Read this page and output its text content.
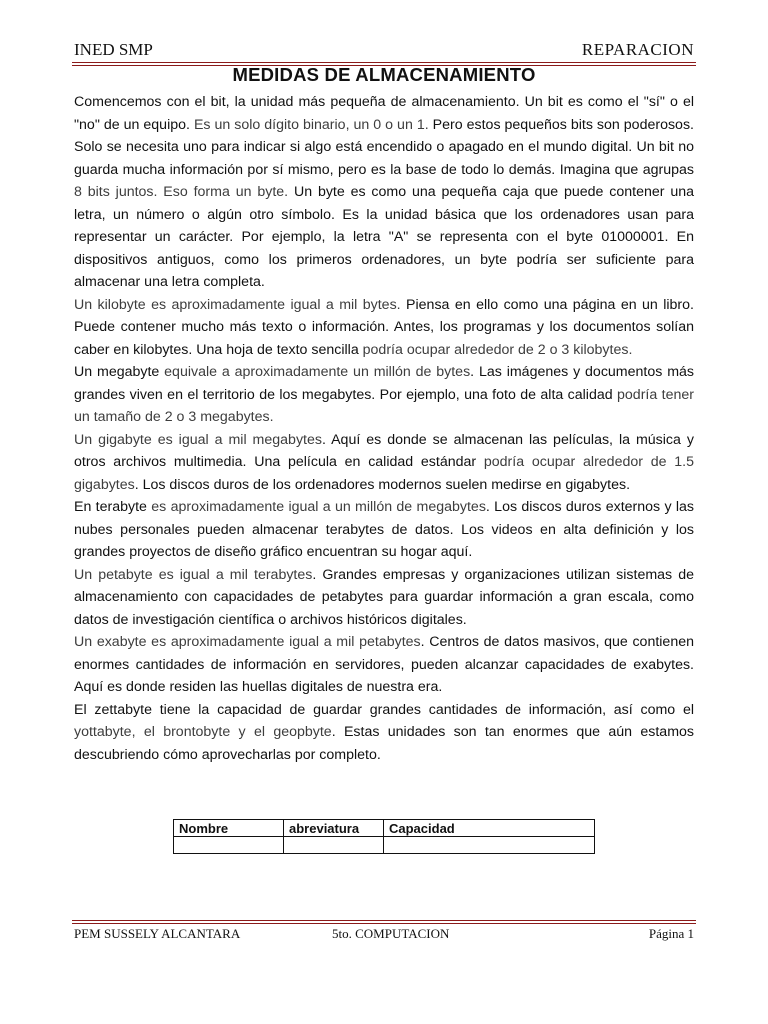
INED SMP	REPARACION
MEDIDAS DE ALMACENAMIENTO

Comencemos con el bit, la unidad más pequeña de almacenamiento. Un bit es como el "sí" o el "no" de un equipo. Es un solo dígito binario, un 0 o un 1. Pero estos pequeños bits son poderosos. Solo se necesita uno para indicar si algo está encendido o apagado en el mundo digital. Un bit no guarda mucha información por sí mismo, pero es la base de todo lo demás. Imagina que agrupas 8 bits juntos. Eso forma un byte. Un byte es como una pequeña caja que puede contener una letra, un número o algún otro símbolo. Es la unidad básica que los ordenadores usan para representar un carácter. Por ejemplo, la letra "A" se representa con el byte 01000001. En dispositivos antiguos, como los primeros ordenadores, un byte podría ser suficiente para almacenar una letra completa.

Un kilobyte es aproximadamente igual a mil bytes. Piensa en ello como una página en un libro. Puede contener mucho más texto o información. Antes, los programas y los documentos solían caber en kilobytes. Una hoja de texto sencilla podría ocupar alrededor de 2 o 3 kilobytes.

Un megabyte equivale a aproximadamente un millón de bytes. Las imágenes y documentos más grandes viven en el territorio de los megabytes. Por ejemplo, una foto de alta calidad podría tener un tamaño de 2 o 3 megabytes.

Un gigabyte es igual a mil megabytes. Aquí es donde se almacenan las películas, la música y otros archivos multimedia. Una película en calidad estándar podría ocupar alrededor de 1.5 gigabytes. Los discos duros de los ordenadores modernos suelen medirse en gigabytes.

En terabyte es aproximadamente igual a un millón de megabytes. Los discos duros externos y las nubes personales pueden almacenar terabytes de datos. Los videos en alta definición y los grandes proyectos de diseño gráfico encuentran su hogar aquí.

Un petabyte es igual a mil terabytes. Grandes empresas y organizaciones utilizan sistemas de almacenamiento con capacidades de petabytes para guardar información a gran escala, como datos de investigación científica o archivos históricos digitales.

Un exabyte es aproximadamente igual a mil petabytes. Centros de datos masivos, que contienen enormes cantidades de información en servidores, pueden alcanzar capacidades de exabytes. Aquí es donde residen las huellas digitales de nuestra era.

El zettabyte tiene la capacidad de guardar grandes cantidades de información, así como el yottabyte, el brontobyte y el geopbyte. Estas unidades son tan enormes que aún estamos descubriendo cómo aprovecharlas por completo.

Nombre	abreviatura	Capacidad

PEM SUSSELY ALCANTARA	5to. COMPUTACION	Página 1
